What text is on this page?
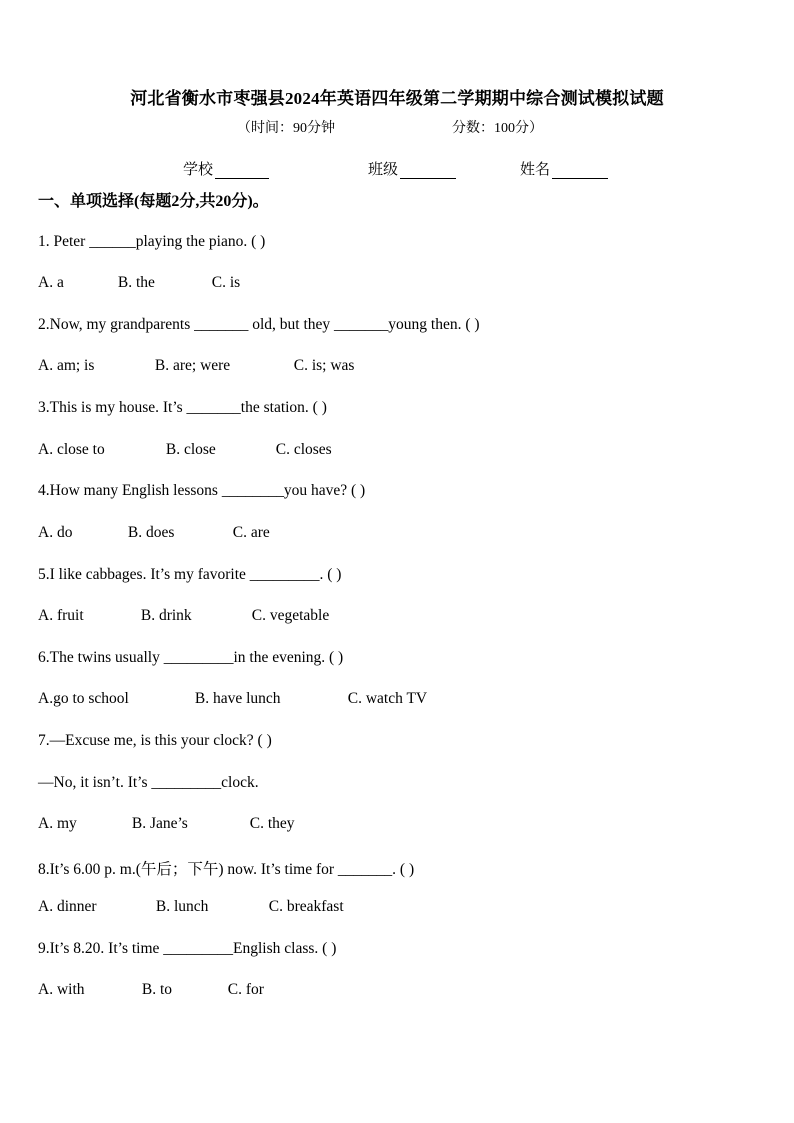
河北省衡水市枣强县2024年英语四年级第二学期期中综合测试模拟试题
（时间：90分钟	分数：100分）
学校	班级	姓名
一、单项选择(每题2分,共20分)。
1. Peter ______playing the piano. ( )
A. a	B. the	C. is
2.Now, my grandparents _______ old, but they _______young then. ( )
A. am; is	B. are; were	C. is; was
3.This is my house. It’s _______the station. ( )
A. close to	B. close	C. closes
4.How many English lessons ________you have? ( )
A. do	B. does	C. are
5.I like cabbages. It’s my favorite _________. ( )
A. fruit	B. drink	C. vegetable
6.The twins usually _________in the evening. ( )
A.go to school	B. have lunch	C. watch TV
7.—Excuse me, is this your clock? ( )
—No, it isn’t. It’s _________clock.
A. my	B. Jane’s	C. they
8.It’s 6.00 p. m.(午后；下午) now. It’s time for _______. ( )
A. dinner	B. lunch	C. breakfast
9.It’s 8.20. It’s time _________English class. ( )
A. with	B. to	C. for
